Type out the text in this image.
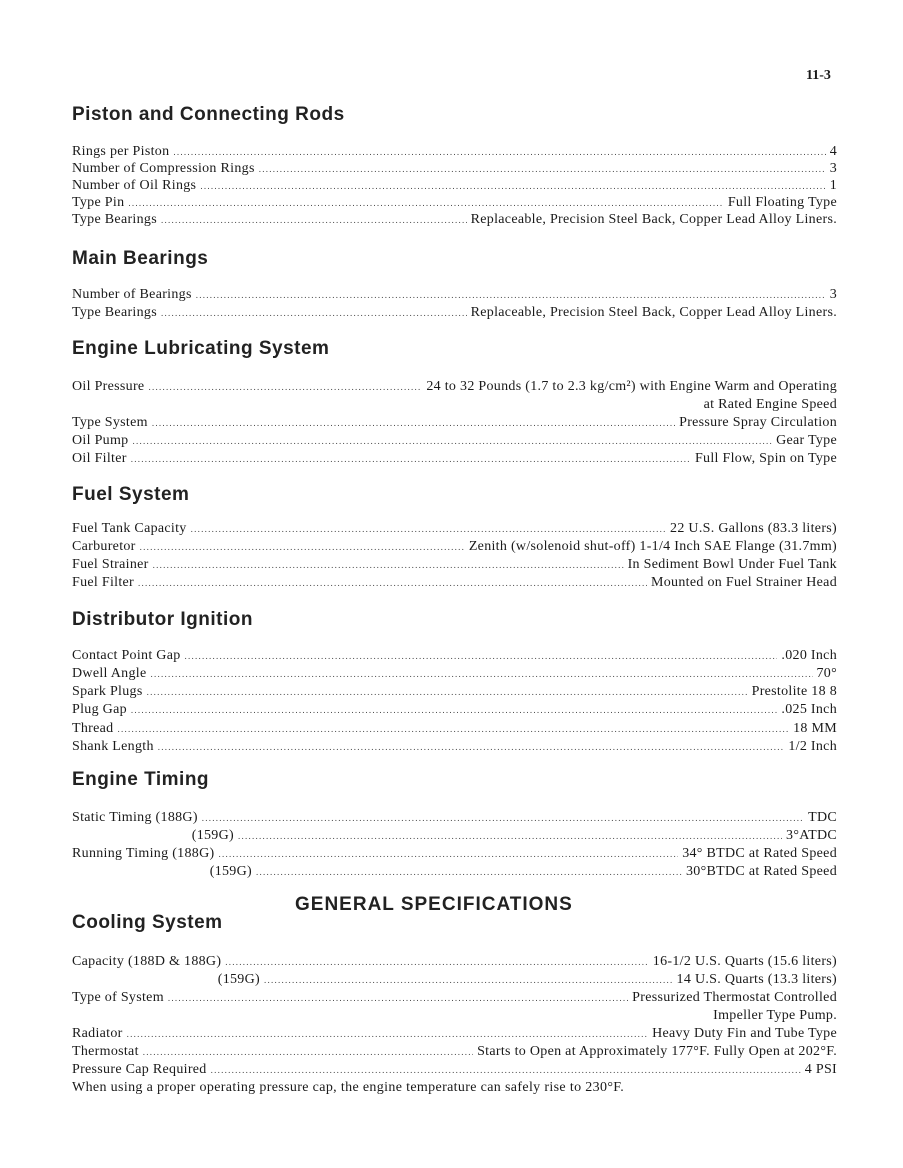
11-3
Piston and Connecting Rods
Rings per Piston . . .	4
Number of Compression Rings . . .	3
Number of Oil Rings . . .	1
Type Pin . . .	Full Floating Type
Type Bearings . . .	Replaceable, Precision Steel Back, Copper Lead Alloy Liners.
Main Bearings
Number of Bearings . . .	3
Type Bearings . . .	Replaceable, Precision Steel Back, Copper Lead Alloy Liners.
Engine Lubricating System
Oil Pressure . . .	24 to 32 Pounds (1.7 to 2.3 kg/cm²) with Engine Warm and Operating
at Rated Engine Speed
Type System . . .	Pressure Spray Circulation
Oil Pump . . .	Gear Type
Oil Filter . . .	Full Flow, Spin on Type
Fuel System
Fuel Tank Capacity . . .	22 U.S. Gallons (83.3 liters)
Carburetor . . .	Zenith (w/solenoid shut-off) 1-1/4 Inch SAE Flange (31.7mm)
Fuel Strainer . . .	In Sediment Bowl Under Fuel Tank
Fuel Filter . . .	Mounted on Fuel Strainer Head
Distributor Ignition
Contact Point Gap . . .	.020 Inch
Dwell Angle . . .	70°
Spark Plugs . . .	Prestolite 18 8
Plug Gap . . .	.025 Inch
Thread . . .	18 MM
Shank Length . . .	1/2 Inch
Engine Timing
Static Timing (188G) . . .	TDC
(159G) . . .	3°ATDC
Running Timing (188G) . . .	34° BTDC at Rated Speed
(159G) . . .	30°BTDC at Rated Speed
Cooling System
Capacity (188D & 188G) . . .	16-1/2 U.S. Quarts (15.6 liters)
(159G) . . .	14 U.S. Quarts (13.3 liters)
Type of System . . .	Pressurized Thermostat Controlled
Impeller Type Pump.
Radiator . . .	Heavy Duty Fin and Tube Type
Thermostat . . .	Starts to Open at Approximately 177°F. Fully Open at 202°F.
Pressure Cap Required . . .	4 PSI
When using a proper operating pressure cap, the engine temperature can safely rise to 230°F.
GENERAL SPECIFICATIONS
